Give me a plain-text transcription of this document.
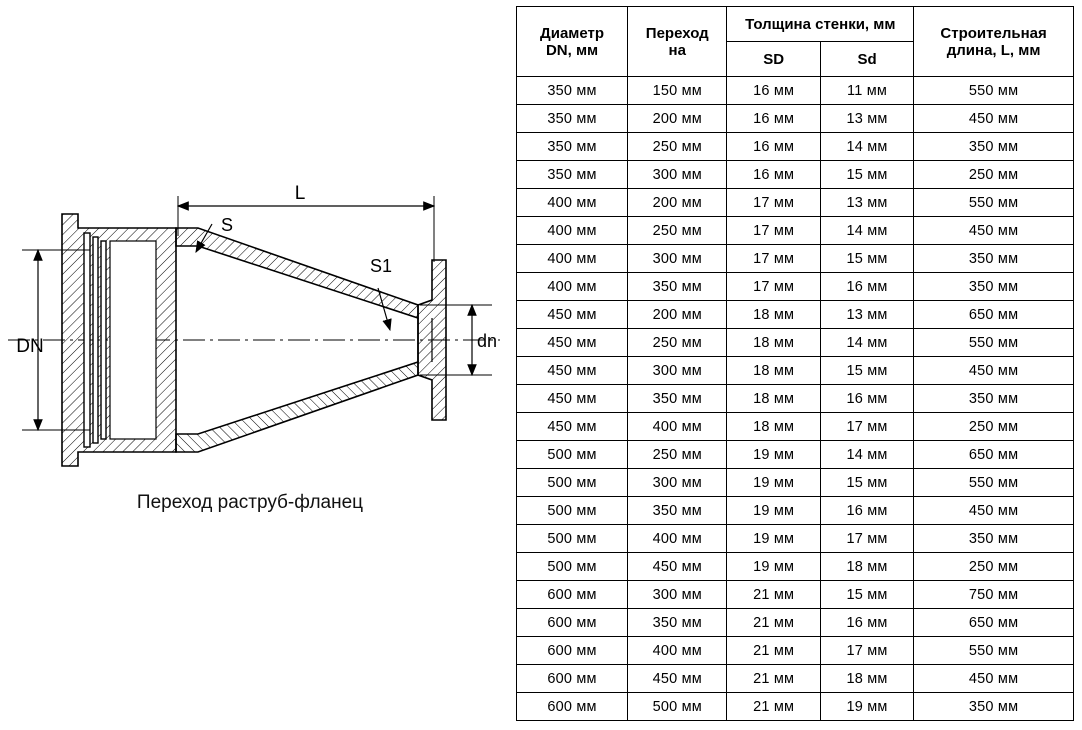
L
DN	dn
S
S1
Переход раструб-фланец
Диаметр
DN, мм

Переход
на
	Толщина стенки, мм	
Строительная
длина, L, мм

		SD	Sd	
350 мм	150 мм	16 мм	11 мм	550 мм
350 мм	200 мм	16 мм	13 мм	450 мм
350 мм	250 мм	16 мм	14 мм	350 мм
350 мм	300 мм	16 мм	15 мм	250 мм
400 мм	200 мм	17 мм	13 мм	550 мм
400 мм	250 мм	17 мм	14 мм	450 мм
400 мм	300 мм	17 мм	15 мм	350 мм
400 мм	350 мм	17 мм	16 мм	350 мм
450 мм	200 мм	18 мм	13 мм	650 мм
450 мм	250 мм	18 мм	14 мм	550 мм
450 мм	300 мм	18 мм	15 мм	450 мм
450 мм	350 мм	18 мм	16 мм	350 мм
450 мм	400 мм	18 мм	17 мм	250 мм
500 мм	250 мм	19 мм	14 мм	650 мм
500 мм	300 мм	19 мм	15 мм	550 мм
500 мм	350 мм	19 мм	16 мм	450 мм
500 мм	400 мм	19 мм	17 мм	350 мм
500 мм	450 мм	19 мм	18 мм	250 мм
600 мм	300 мм	21 мм	15 мм	750 мм
600 мм	350 мм	21 мм	16 мм	650 мм
600 мм	400 мм	21 мм	17 мм	550 мм
600 мм	450 мм	21 мм	18 мм	450 мм
600 мм	500 мм	21 мм	19 мм	350 мм
